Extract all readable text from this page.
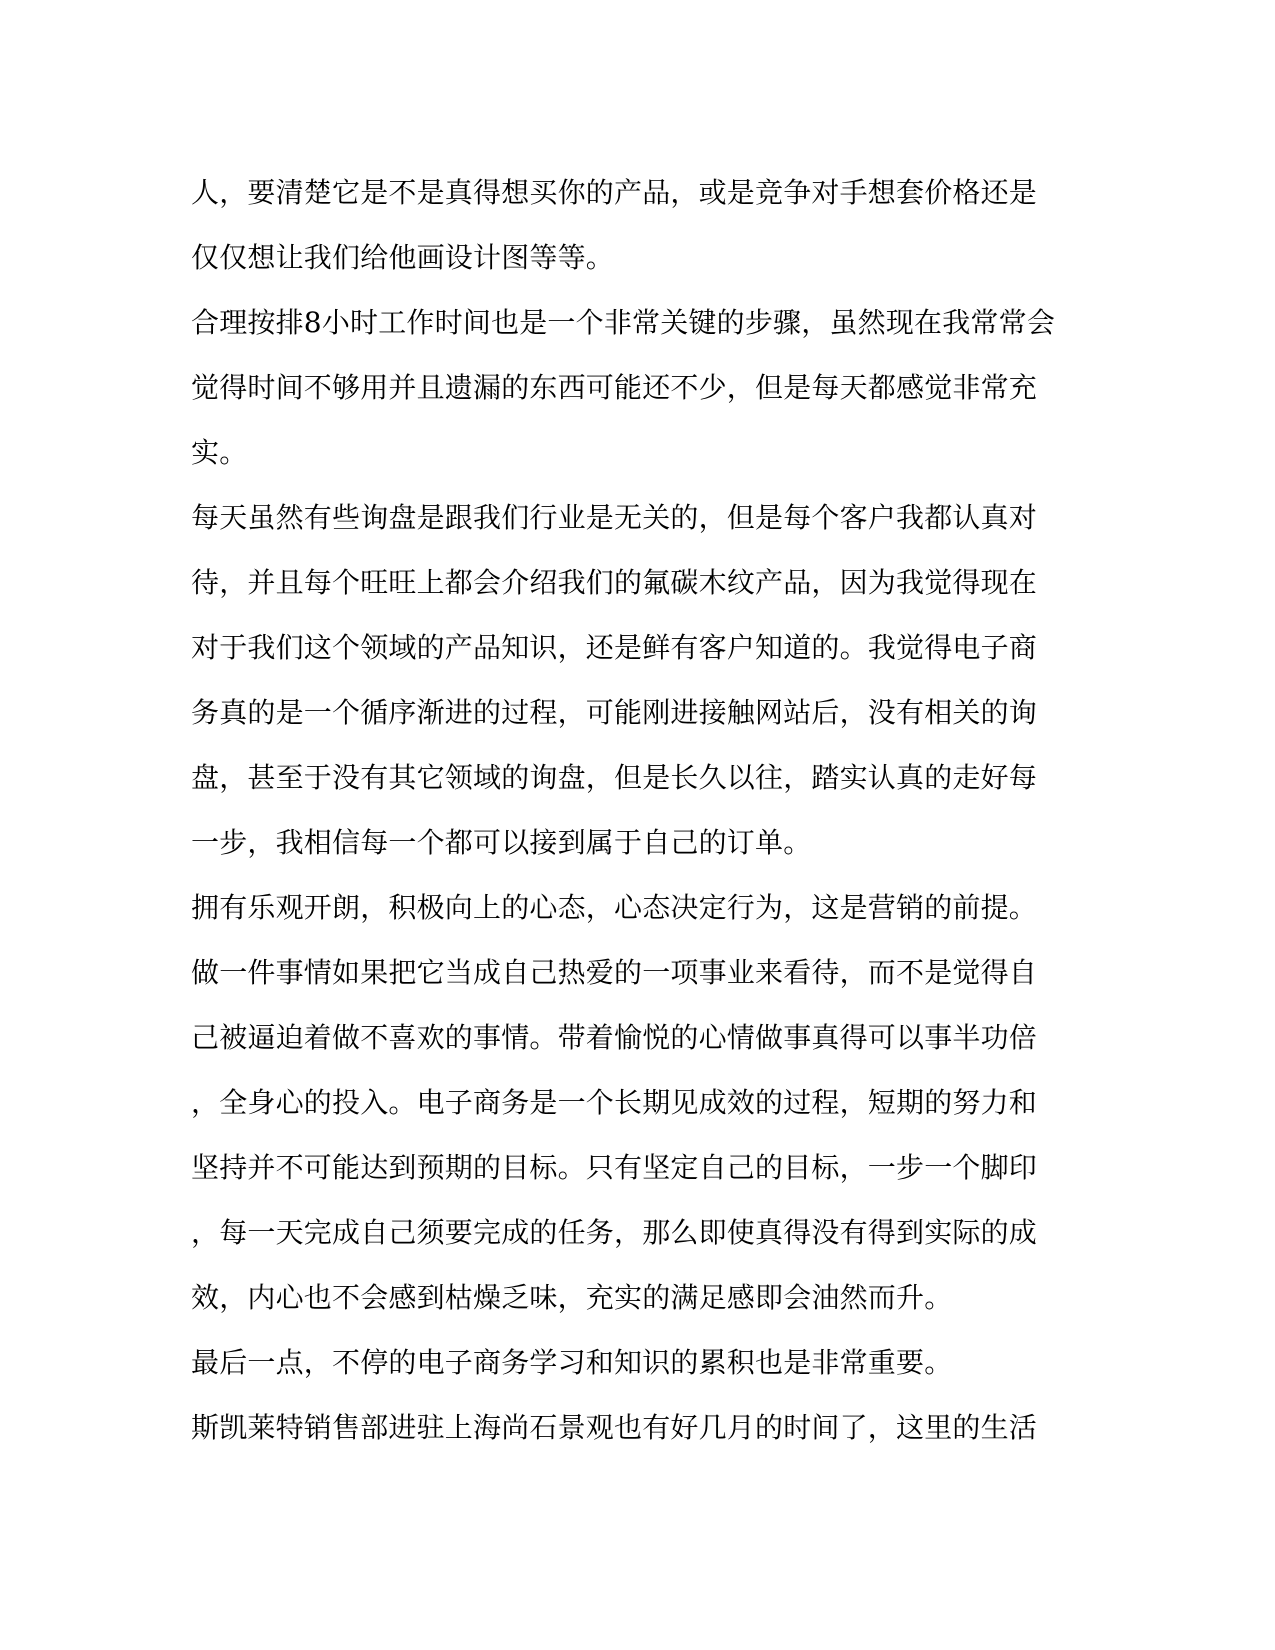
人，要清楚它是不是真得想买你的产品，或是竞争对手想套价格还是
仅仅想让我们给他画设计图等等。
合理按排8小时工作时间也是一个非常关键的步骤，虽然现在我常常会
觉得时间不够用并且遗漏的东西可能还不少，但是每天都感觉非常充
实。
每天虽然有些询盘是跟我们行业是无关的，但是每个客户我都认真对
待，并且每个旺旺上都会介绍我们的氟碳木纹产品，因为我觉得现在
对于我们这个领域的产品知识，还是鲜有客户知道的。我觉得电子商
务真的是一个循序渐进的过程，可能刚进接触网站后，没有相关的询
盘，甚至于没有其它领域的询盘，但是长久以往，踏实认真的走好每
一步，我相信每一个都可以接到属于自己的订单。
拥有乐观开朗，积极向上的心态，心态决定行为，这是营销的前提。
做一件事情如果把它当成自己热爱的一项事业来看待，而不是觉得自
己被逼迫着做不喜欢的事情。带着愉悦的心情做事真得可以事半功倍
，全身心的投入。电子商务是一个长期见成效的过程，短期的努力和
坚持并不可能达到预期的目标。只有坚定自己的目标，一步一个脚印
，每一天完成自己须要完成的任务，那么即使真得没有得到实际的成
效，内心也不会感到枯燥乏味，充实的满足感即会油然而升。
最后一点，不停的电子商务学习和知识的累积也是非常重要。
斯凯莱特销售部进驻上海尚石景观也有好几月的时间了，这里的生活
